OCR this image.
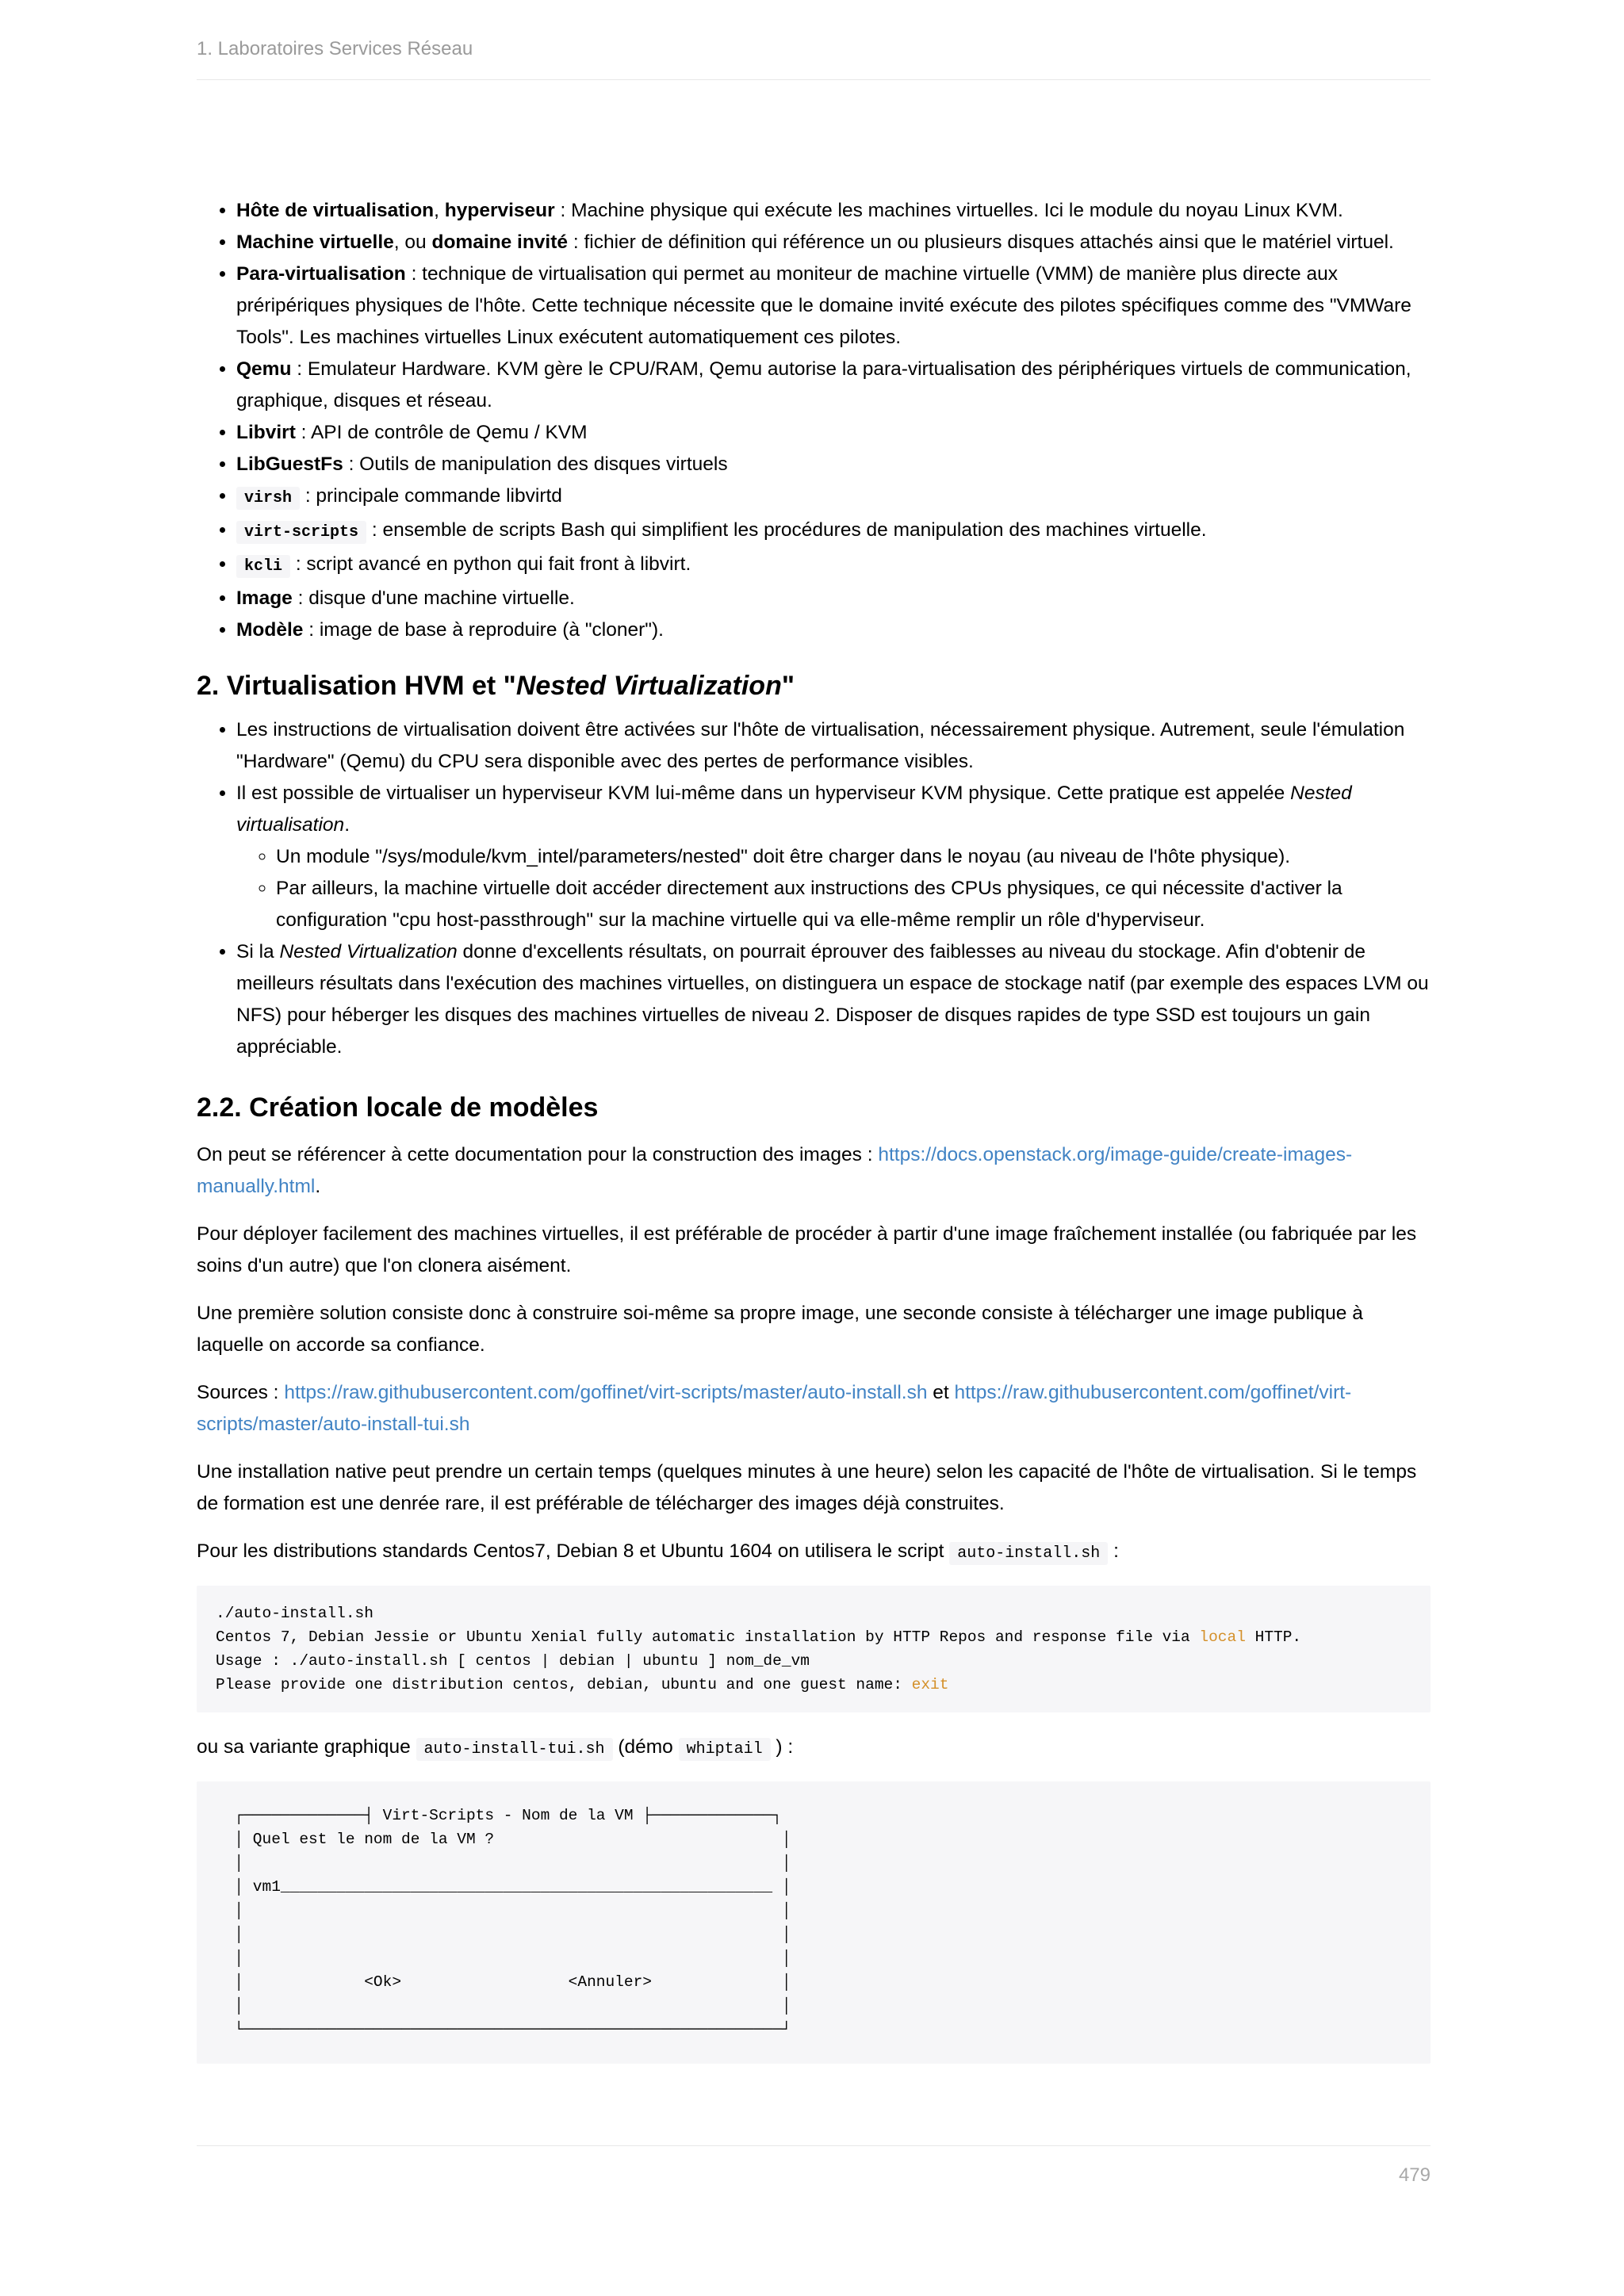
1. Laboratoires Services Réseau
• Hôte de virtualisation, hyperviseur : Machine physique qui exécute les machines virtuelles. Ici le module du noyau Linux KVM.
• Machine virtuelle, ou domaine invité : fichier de définition qui référence un ou plusieurs disques attachés ainsi que le matériel virtuel.
• Para-virtualisation : technique de virtualisation qui permet au moniteur de machine virtuelle (VMM) de manière plus directe aux préripériques physiques de l'hôte. Cette technique nécessite que le domaine invité exécute des pilotes spécifiques comme des "VMWare Tools". Les machines virtuelles Linux exécutent automatiquement ces pilotes.
• Qemu : Emulateur Hardware. KVM gère le CPU/RAM, Qemu autorise la para-virtualisation des périphériques virtuels de communication, graphique, disques et réseau.
• Libvirt : API de contrôle de Qemu / KVM
• LibGuestFs : Outils de manipulation des disques virtuels
• virsh : principale commande libvirtd
• virt-scripts : ensemble de scripts Bash qui simplifient les procédures de manipulation des machines virtuelle.
• kcli : script avancé en python qui fait front à libvirt.
• Image : disque d'une machine virtuelle.
• Modèle : image de base à reproduire (à "cloner").
2. Virtualisation HVM et "Nested Virtualization"
• Les instructions de virtualisation doivent être activées sur l'hôte de virtualisation, nécessairement physique. Autrement, seule l'émulation "Hardware" (Qemu) du CPU sera disponible avec des pertes de performance visibles.
• Il est possible de virtualiser un hyperviseur KVM lui-même dans un hyperviseur KVM physique. Cette pratique est appelée Nested virtualisation.
◦ Un module "/sys/module/kvm_intel/parameters/nested" doit être charger dans le noyau (au niveau de l'hôte physique).
◦ Par ailleurs, la machine virtuelle doit accéder directement aux instructions des CPUs physiques, ce qui nécessite d'activer la configuration "cpu host-passthrough" sur la machine virtuelle qui va elle-même remplir un rôle d'hyperviseur.
• Si la Nested Virtualization donne d'excellents résultats, on pourrait éprouver des faiblesses au niveau du stockage. Afin d'obtenir de meilleurs résultats dans l'exécution des machines virtuelles, on distinguera un espace de stockage natif (par exemple des espaces LVM ou NFS) pour héberger les disques des machines virtuelles de niveau 2. Disposer de disques rapides de type SSD est toujours un gain appréciable.
2.2. Création locale de modèles

On peut se référencer à cette documentation pour la construction des images : https://docs.openstack.org/image-guide/create-images-manually.html.

Pour déployer facilement des machines virtuelles, il est préférable de procéder à partir d'une image fraîchement installée (ou fabriquée par les soins d'un autre) que l'on clonera aisément.

Une première solution consiste donc à construire soi-même sa propre image, une seconde consiste à télécharger une image publique à laquelle on accorde sa confiance.

Sources : https://raw.githubusercontent.com/goffinet/virt-scripts/master/auto-install.sh et https://raw.githubusercontent.com/goffinet/virt-scripts/master/auto-install-tui.sh

Une installation native peut prendre un certain temps (quelques minutes à une heure) selon les capacité de l'hôte de virtualisation. Si le temps de formation est une denrée rare, il est préférable de télécharger des images déjà construites.

Pour les distributions standards Centos7, Debian 8 et Ubuntu 1604 on utilisera le script auto-install.sh :

./auto-install.sh
Centos 7, Debian Jessie or Ubuntu Xenial fully automatic installation by HTTP Repos and response file via local HTTP.
Usage : ./auto-install.sh [ centos | debian | ubuntu ] nom_de_vm
Please provide one distribution centos, debian, ubuntu and one guest name: exit

ou sa variante graphique auto-install-tui.sh (démo whiptail ) :

┌─────────────┤ Virt-Scripts - Nom de la VM ├─────────────┐
│ Quel est le nom de la VM ?                               │
│                                                          │
│ vm1_____________________________________________________ │
│                                                          │
│                                                          │
│                                                          │
│             <Ok>                  <Annuler>              │
│                                                          │
└──────────────────────────────────────────────────────────┘
479
